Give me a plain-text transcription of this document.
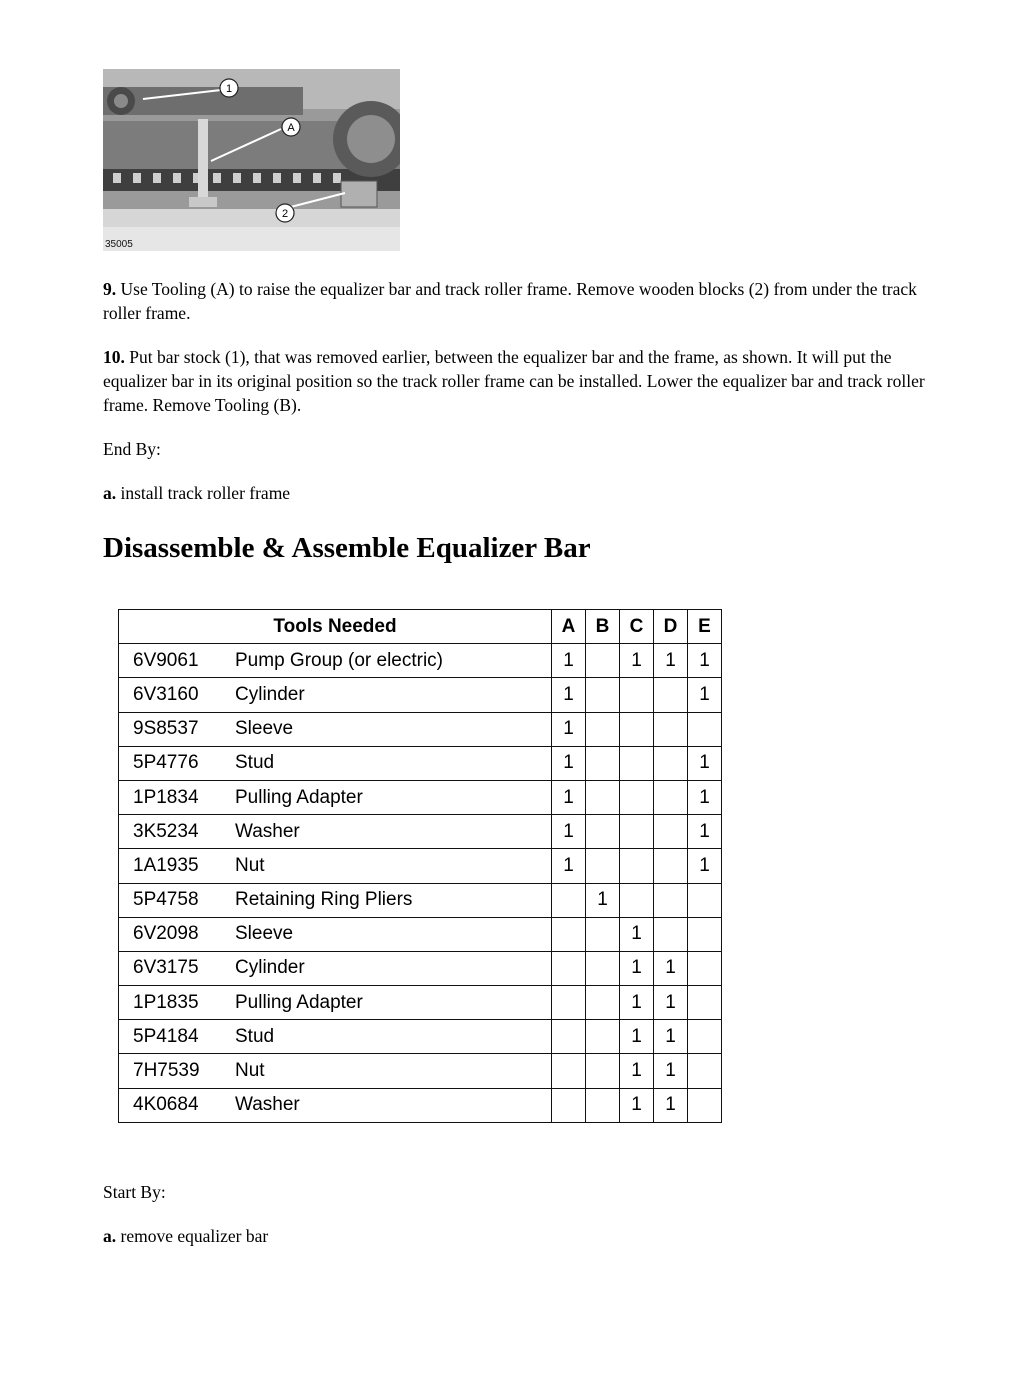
1
A
2
35005

9. Use Tooling (A) to raise the equalizer bar and track roller frame. Remove wooden blocks (2) from under the track roller frame.

10. Put bar stock (1), that was removed earlier, between the equalizer bar and the frame, as shown. It will put the equalizer bar in its original position so the track roller frame can be installed. Lower the equalizer bar and track roller frame. Remove Tooling (B).

End By:

a. install track roller frame

Disassemble & Assemble Equalizer Bar
Tools Needed		A	B	C	D	E
6V9061	Pump Group (or electric)	1		1	1	1
6V3160	Cylinder	1				1
9S8537	Sleeve	1				
5P4776	Stud	1				1
1P1834	Pulling Adapter	1				1
3K5234	Washer	1				1
1A1935	Nut	1				1
5P4758	Retaining Ring Pliers		1			
6V2098	Sleeve			1		
6V3175	Cylinder			1	1	
1P1835	Pulling Adapter			1	1	
5P4184	Stud			1	1	
7H7539	Nut			1	1	
4K0684	Washer			1	1	

Start By:

a. remove equalizer bar
